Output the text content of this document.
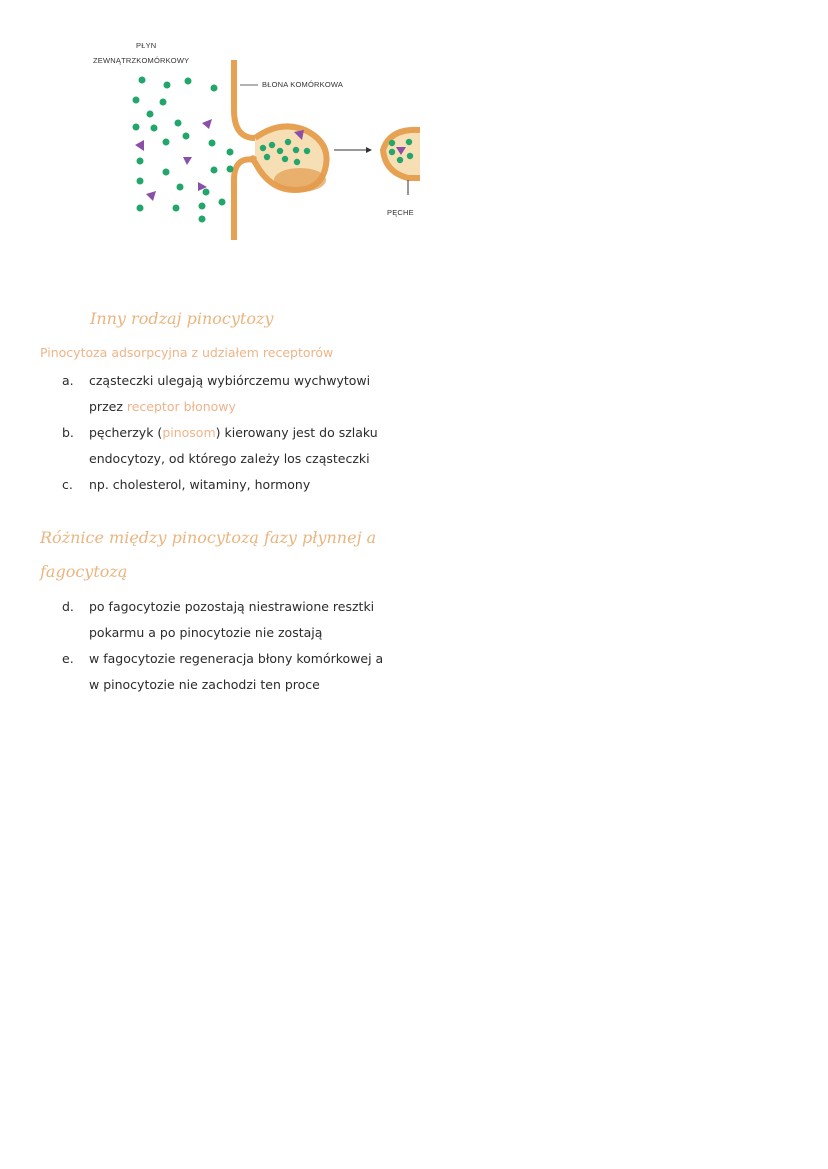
PŁYN
ZEWNĄTRZKOMÓRKOWY
BŁONA KOMÓRKOWA
PĘCHE
Inny rodzaj pinocytozy

Pinocytoza adsorpcyjna z udziałem receptorów

a. cząsteczki ulegają wybiórczemu wychwytowi
przez receptor błonowy
b. pęcherzyk (pinosom) kierowany jest do szlaku
endocytozy, od którego zależy los cząsteczki
c. np. cholesterol, witaminy, hormony
Różnice między pinocytozą fazy płynnej a
fagocytozą
d. po fagocytozie pozostają niestrawione resztki
pokarmu a po pinocytozie nie zostają
e. w fagocytozie regeneracja błony komórkowej a
w pinocytozie nie zachodzi ten proce
